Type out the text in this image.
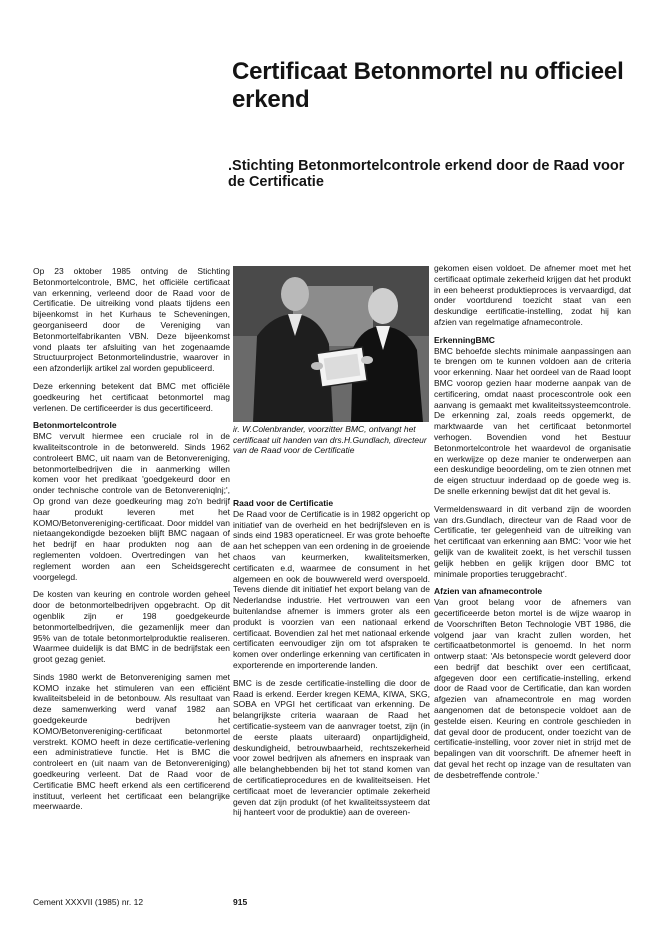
Certificaat Betonmortel nu officieel erkend
.Stichting Betonmortelcontrole erkend door de Raad voor de Certificatie

Op 23 oktober 1985 ontving de Stichting Betonmortelcontrole, BMC, het officiële certificaat van erkenning, verleend door de Raad voor de Certificatie. De uitreiking vond plaats tijdens een bijeenkomst in het Kurhaus te Scheveningen, georganiseerd door de Vereniging van Betonmortelfabrikanten VBN. Deze bijeenkomst vond plaats ter afsluiting van het zogenaamde Structuurproject Betonmortelindustrie, waarover in een afzonderlijk artikel zal worden gepubliceerd.

Deze erkenning betekent dat BMC met officiële goedkeuring het certificaat betonmortel mag verlenen. De certificeerder is dus gecertificeerd.

Betonmortelcontrole

BMC vervult hiermee een cruciale rol in de kwaliteitscontrole in de betonwereld. Sinds 1962 controleert BMC, uit naam van de Betonvereniging, betonmortelbedrijven die in aanmerking willen komen voor het predikaat 'goedgekeurd door en onder technische controle van de Betonvereniqlnj;', Op grond van deze goedkeuring mag zo'n bedrijf haar produkt leveren met het KOMO/Betonvereniging-certificaat. Door middel van nietaangekondigde bezoeken blijft BMC nagaan of het bedrijf en haar produkten nog aan de reglementen voldoen. Overtredingen van het reglement worden aan een Scheidsgerecht voorgelegd.

De kosten van keuring en controle worden geheel door de betonmortelbedrijven opgebracht. Op dit ogenblik zijn er 198 goedgekeurde betonmortelbedrijven, die gezamenlijk meer dan 95% van de totale betonmortelproduktie realiseren. Waarmee duidelijk is dat BMC in de bedrijfstak een groot gezag geniet.

Sinds 1980 werkt de Betonvereniging samen met KOMO inzake het stimuleren van een efficiënt kwaliteitsbeleid in de betonbouw. Als resultaat van deze samenwerking werd vanaf 1982 aan goedgekeurde bedrijven het KOMO/Betonvereniging-certificaat betonmortel verstrekt. KOMO heeft in deze certificatie-verlening een administratieve functie. Het is BMC die controleert en (uit naam van de Betonvereniging) goedkeuring verleent. Dat de Raad voor de Certificatie BMC heeft erkend als een certificerend instituut, verleent het certificaat een belangrijke meerwaarde.

ir. W.Colenbrander, voorzitter BMC, ontvangt het certificaat uit handen van drs.H.Gundlach, directeur van de Raad voor de Certificatie
Raad voor de Certificatie

De Raad voor de Certificatie is in 1982 opgericht op initiatief van de overheid en het bedrijfsleven en is sinds eind 1983 operaticneel. Er was grote behoefte aan het scheppen van een ordening in de groeiende chaos van keurmerken, kwaliteitsmerken, certificaten e.d, waarmee de consument in het algemeen en ook de bouwwereld werd overspoeld. Tevens diende dit initiatief het export belang van de Nederlandse industrie. Het vertrouwen van een buitenlandse afnemer is immers groter als een produkt is voorzien van een nationaal erkend certificaat. Bovendien zal het met nationaal erkende certificaten eenvoudiger zijn om tot afspraken te komen over onderlinge erkenning van certificaten in exporterende en importerende landen.

BMC is de zesde certificatie-instelling die door de Raad is erkend. Eerder kregen KEMA, KIWA, SKG, SOBA en VPGI het certificaat van erkenning. De belangrijkste criteria waaraan de Raad het certificatie-systeem van de aanvrager toetst, zijn (in de eerste plaats uiteraard) onpartijdigheid, deskundigheid, betrouwbaarheid, rechtszekerheid voor zowel bedrijven als afnemers en inspraak van alle belanghebbenden bij het tot stand komen van de certificatieprocedures en de kwaliteitseisen. Het certificaat moet de leverancier optimale zekerheid geven dat zijn produkt (of het kwaliteitssysteem dat hij hanteert voor de produktie) aan de overeen-

gekomen eisen voldoet. De afnemer moet met het certificaat optimale zekerheid krijgen dat het produkt in een beheerst produktieproces is vervaardigd, dat onder voortdurend toezicht staat van een deskundige eertificatie-instelling, zodat hij kan afzien van regelmatige afnamecontrole.

ErkenningBMC

BMC behoefde slechts minimale aanpassingen aan te brengen om te kunnen voldoen aan de criteria voor erkenning. Naar het oordeel van de Raad loopt BMC voorop gezien haar moderne aanpak van de certificering, omdat naast procescontrole ook een aanvang is gemaakt met kwaliteitssysteemcontrole. De erkenning zal, zoals reeds opgemerkt, de marktwaarde van het certificaat betonmortel verhogen. Bovendien vond het Bestuur Betonmortelcontrole het waardevol de organisatie en werkwijze op deze manier te onderwerpen aan een deskundige beoordeling, om te zien otnnen met de eigen structuur inderdaad op de goede weg is. De snelle erkenning bewijst dat dit het geval is.

Vermeldenswaard in dit verband zijn de woorden van drs.Gundlach, directeur van de Raad voor de Certificatie, ter gelegenheid van de uitreiking van het certificaat van erkenning aan BMC: 'voor wie het gelijk van de kwaliteit zoekt, is het verschil tussen gelijk hebben en gelijk krijgen door BMC tot minimale proporties teruggebracht'.

Afzien van afnamecontrole

Van groot belang voor de afnemers van gecertificeerde beton mortel is de wijze waarop in de Voorschriften Beton Technologie VBT 1986, die volgend jaar van kracht zullen worden, het certificaatbetonmortel is genoemd. In het norm ontwerp staat: 'Als betonspecie wordt geleverd door een bedrijf dat beschikt over een certificaat, afgegeven door een certificatie-instelling, erkend door de Raad voor de Certificatie, dan kan worden afgezien van afnamecontrole en mag worden aangenomen dat de betonspecie voldoet aan de gestelde eisen. Keuring en controle geschieden in dat geval door de producent, onder toezicht van de certificatie-instelling, voor zover niet in strijd met de bepalingen van dit voorschrift. De afnemer heeft in dat geval het recht op inzage van de resultaten van de desbetreffende controle.'

Cement XXXVII (1985) nr. 12	915
